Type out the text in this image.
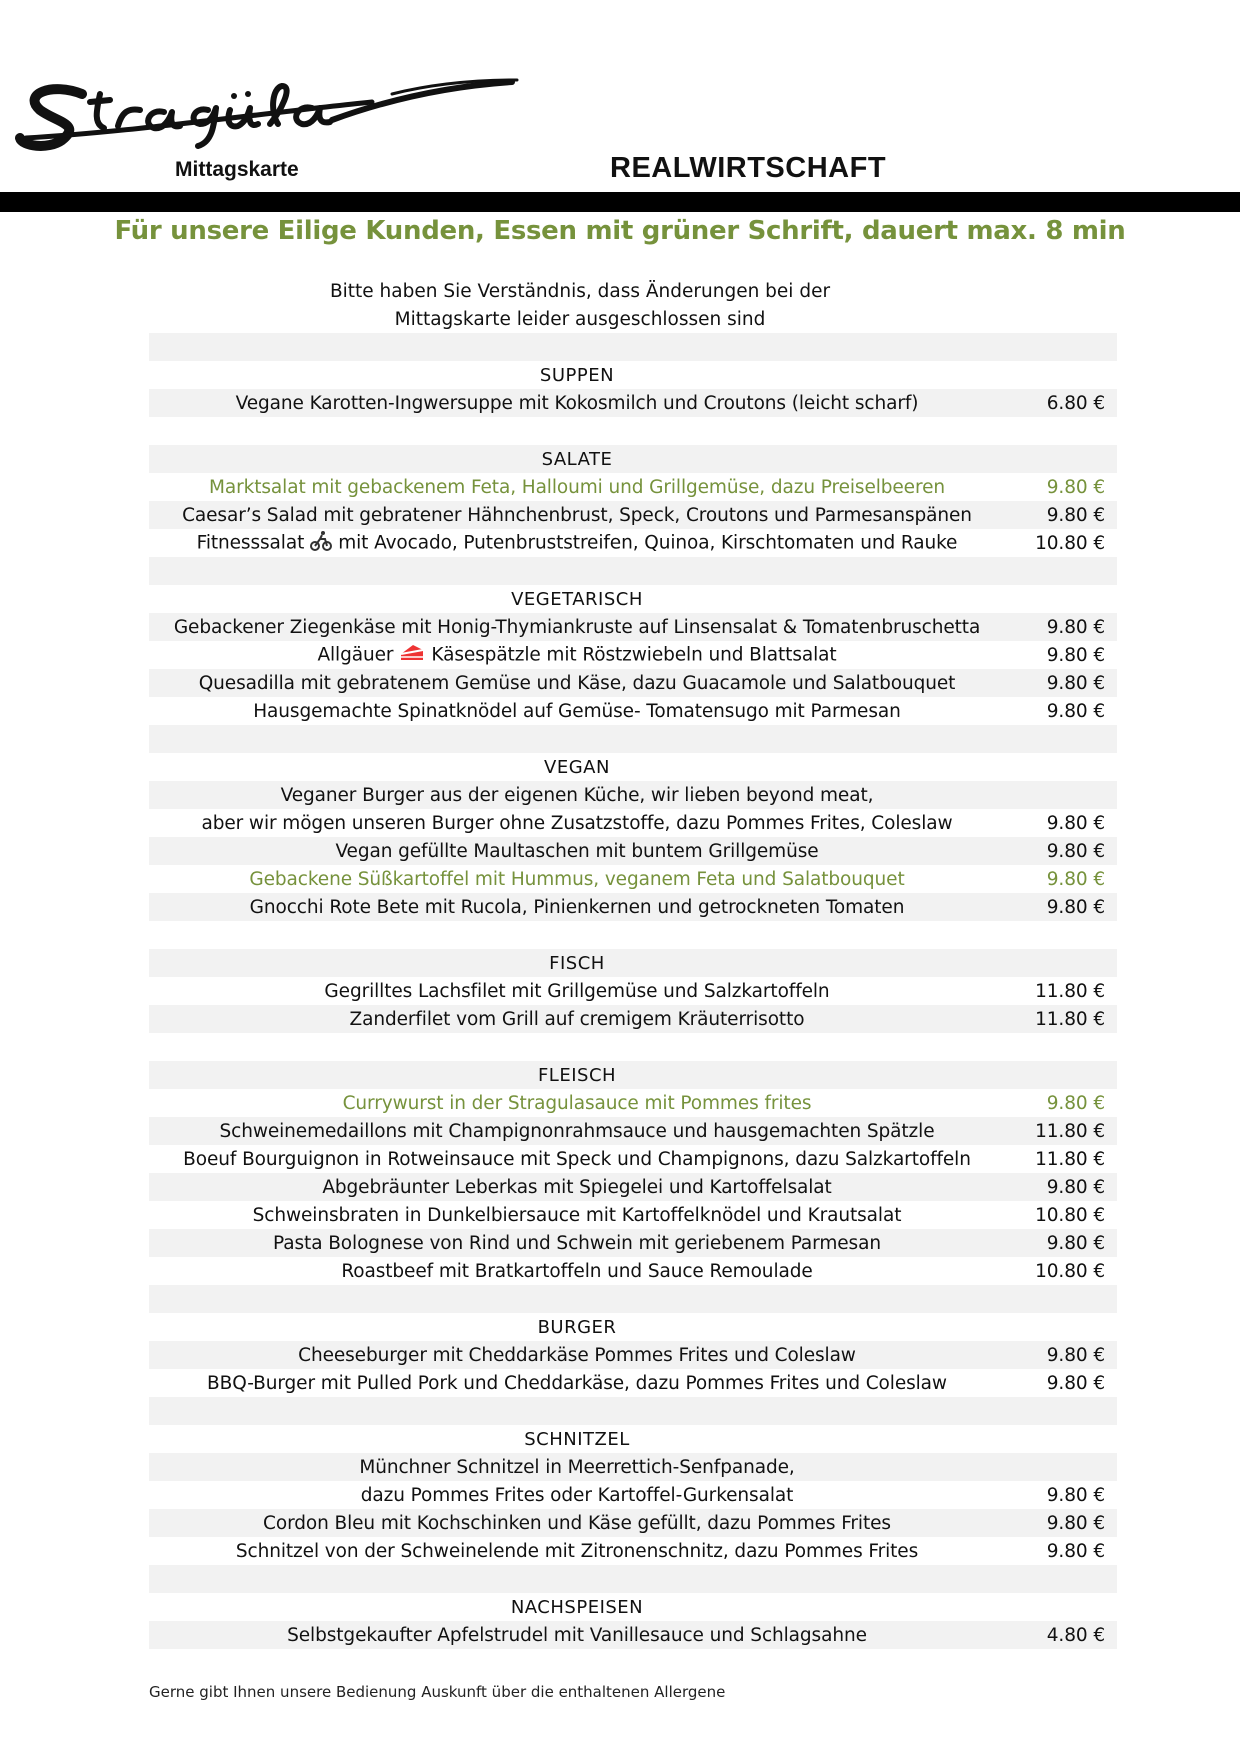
Mittagskarte	REALWIRTSCHAFT
Für unsere Eilige Kunden, Essen mit grüner Schrift, dauert max. 8 min
Bitte haben Sie Verständnis, dass Änderungen bei der
Mittagskarte leider ausgeschlossen sind
SUPPEN
Vegane Karotten-Ingwersuppe mit Kokosmilch und Croutons (leicht scharf)	6.80 €
SALATE
Marktsalat mit gebackenem Feta, Halloumi und Grillgemüse, dazu Preiselbeeren	9.80 €
Caesar’s Salad mit gebratener Hähnchenbrust, Speck, Croutons und Parmesanspänen	9.80 €
Fitnesssalat mit Avocado, Putenbruststreifen, Quinoa, Kirschtomaten und Rauke	10.80 €
VEGETARISCH
Gebackener Ziegenkäse mit Honig-Thymiankruste auf Linsensalat & Tomatenbruschetta	9.80 €
Allgäuer Käsespätzle mit Röstzwiebeln und Blattsalat	9.80 €
Quesadilla mit gebratenem Gemüse und Käse, dazu Guacamole und Salatbouquet	9.80 €
Hausgemachte Spinatknödel auf Gemüse- Tomatensugo mit Parmesan	9.80 €
VEGAN
Veganer Burger aus der eigenen Küche, wir lieben beyond meat,
aber wir mögen unseren Burger ohne Zusatzstoffe, dazu Pommes Frites, Coleslaw	9.80 €
Vegan gefüllte Maultaschen mit buntem Grillgemüse	9.80 €
Gebackene Süßkartoffel mit Hummus, veganem Feta und Salatbouquet	9.80 €
Gnocchi Rote Bete mit Rucola, Pinienkernen und getrockneten Tomaten	9.80 €
FISCH
Gegrilltes Lachsfilet mit Grillgemüse und Salzkartoffeln	11.80 €
Zanderfilet vom Grill auf cremigem Kräuterrisotto	11.80 €
FLEISCH
Currywurst in der Stragulasauce mit Pommes frites	9.80 €
Schweinemedaillons mit Champignonrahmsauce und hausgemachten Spätzle	11.80 €
Boeuf Bourguignon in Rotweinsauce mit Speck und Champignons, dazu Salzkartoffeln	11.80 €
Abgebräunter Leberkas mit Spiegelei und Kartoffelsalat	9.80 €
Schweinsbraten in Dunkelbiersauce mit Kartoffelknödel und Krautsalat	10.80 €
Pasta Bolognese von Rind und Schwein mit geriebenem Parmesan	9.80 €
Roastbeef mit Bratkartoffeln und Sauce Remoulade	10.80 €
BURGER
Cheeseburger mit Cheddarkäse Pommes Frites und Coleslaw	9.80 €
BBQ-Burger mit Pulled Pork und Cheddarkäse, dazu Pommes Frites und Coleslaw	9.80 €
SCHNITZEL
Münchner Schnitzel in Meerrettich-Senfpanade,
dazu Pommes Frites oder Kartoffel-Gurkensalat	9.80 €
Cordon Bleu mit Kochschinken und Käse gefüllt, dazu Pommes Frites	9.80 €
Schnitzel von der Schweinelende mit Zitronenschnitz, dazu Pommes Frites	9.80 €
NACHSPEISEN
Selbstgekaufter Apfelstrudel mit Vanillesauce und Schlagsahne	4.80 €
Gerne gibt Ihnen unsere Bedienung Auskunft über die enthaltenen Allergene
